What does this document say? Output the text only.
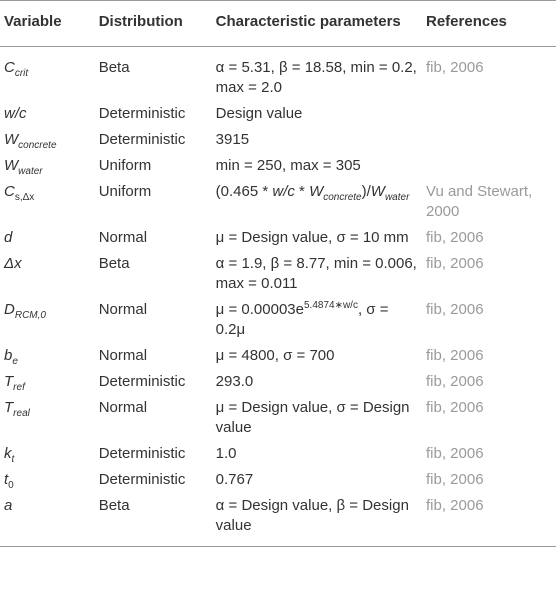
Variable	Distribution	Characteristic parameters	References
$C_{crit}$	Beta	α = 5.31, β = 18.58, min = 0.2, max = 2.0	fib, 2006
w/c	Deterministic	Design value	
$W_{concrete}$	Deterministic	3915	
$W_{water}$	Uniform	min = 250, max = 305	
$C_{s,\Delta x}$	Uniform	$(0.465 * w/c * W_{concrete})/W_{water}$	Vu and Stewart, 2000
d	Normal	μ = Design value, σ = 10 mm	fib, 2006
Δx	Beta	α = 1.9, β = 8.77, min = 0.006, max = 0.011	fib, 2006
$D_{RCM,0}$	Normal	$\mu = 0.00003e^{5.4874∗w/c}$, σ = 0.2μ	fib, 2006
$b_e$	Normal	μ = 4800, σ = 700	fib, 2006
$T_{ref}$	Deterministic	293.0	fib, 2006
$T_{real}$	Normal	μ = Design value, σ = Design value	fib, 2006
$k_t$	Deterministic	1.0	fib, 2006
$t_0$	Deterministic	0.767	fib, 2006
a	Beta	α = Design value, β = Design value	fib, 2006
